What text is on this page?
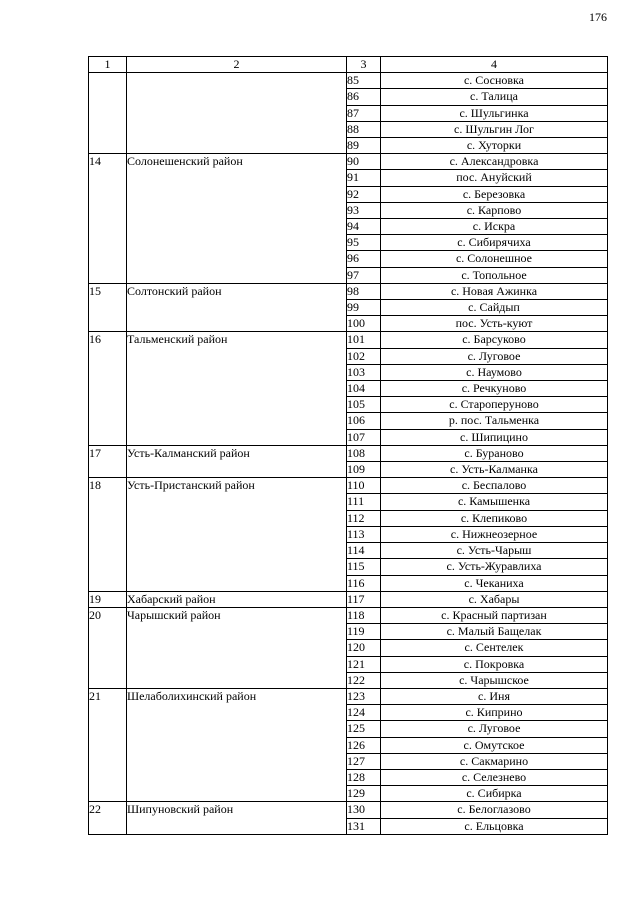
176
1	2	3	4
		85	с. Сосновка
		86	с. Талица
		87	с. Шульгинка
		88	с. Шульгин Лог
		89	с. Хуторки
14	Солонешенский район	90	с. Александровка
		91	пос. Ануйский
		92	с. Березовка
		93	с. Карпово
		94	с. Искра
		95	с. Сибирячиха
		96	с. Солонешное
		97	с. Топольное
15	Солтонский район	98	с. Новая Ажинка
		99	с. Сайдып
		100	пос. Усть-куют
16	Тальменский район	101	с. Барсуково
		102	с. Луговое
		103	с. Наумово
		104	с. Речкуново
		105	с. Староперуново
		106	р. пос. Тальменка
		107	с. Шипицино
17	Усть-Калманский район	108	с. Бураново
		109	с. Усть-Калманка
18	Усть-Пристанский район	110	с. Беспалово
		111	с. Камышенка
		112	с. Клепиково
		113	с. Нижнеозерное
		114	с. Усть-Чарыш
		115	с. Усть-Журавлиха
		116	с. Чеканиха
19	Хабарский район	117	с. Хабары
20	Чарышский район	118	с. Красный партизан
		119	с. Малый Бащелак
		120	с. Сентелек
		121	с. Покровка
		122	с. Чарышское
21	Шелаболихинский район	123	с. Иня
		124	с. Киприно
		125	с. Луговое
		126	с. Омутское
		127	с. Сакмарино
		128	с. Селезнево
		129	с. Сибирка
22	Шипуновский район	130	с. Белоглазово
		131	с. Ельцовка
